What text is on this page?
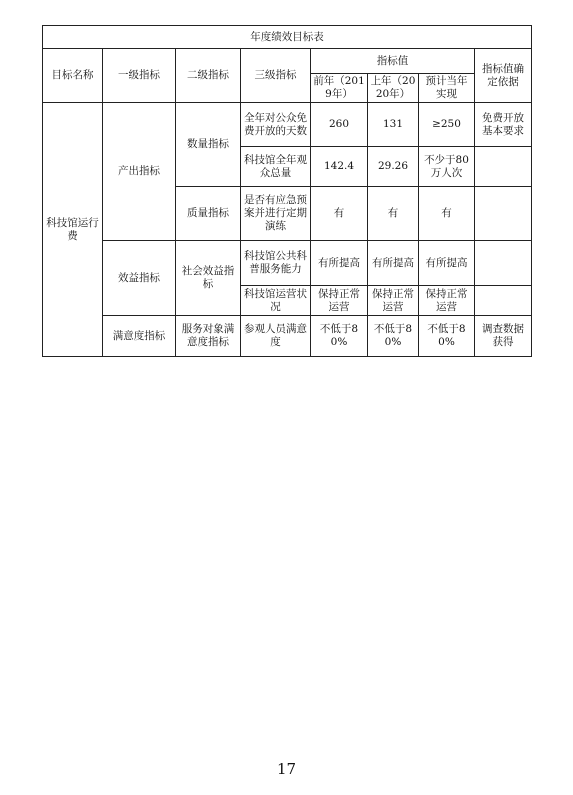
年度绩效目标表							
目标名称	一级指标	二级指标	三级指标	指标值			指标值确定依据
				前年（2019年）	上年（2020年）	预计当年实现	
科技馆运行费	产出指标	数量指标	全年对公众免费开放的天数	260	131	≥250	免费开放基本要求
			科技馆全年观众总量	142.4	29.26	不少于80万人次	
		质量指标	是否有应急预案并进行定期演练	有	有	有	
	效益指标	社会效益指标	科技馆公共科普服务能力	有所提高	有所提高	有所提高	
			科技馆运营状况	保持正常运营	保持正常运营	保持正常运营	
	满意度指标	服务对象满意度指标	参观人员满意度	不低于80%	不低于80%	不低于80%	调查数据获得
17
